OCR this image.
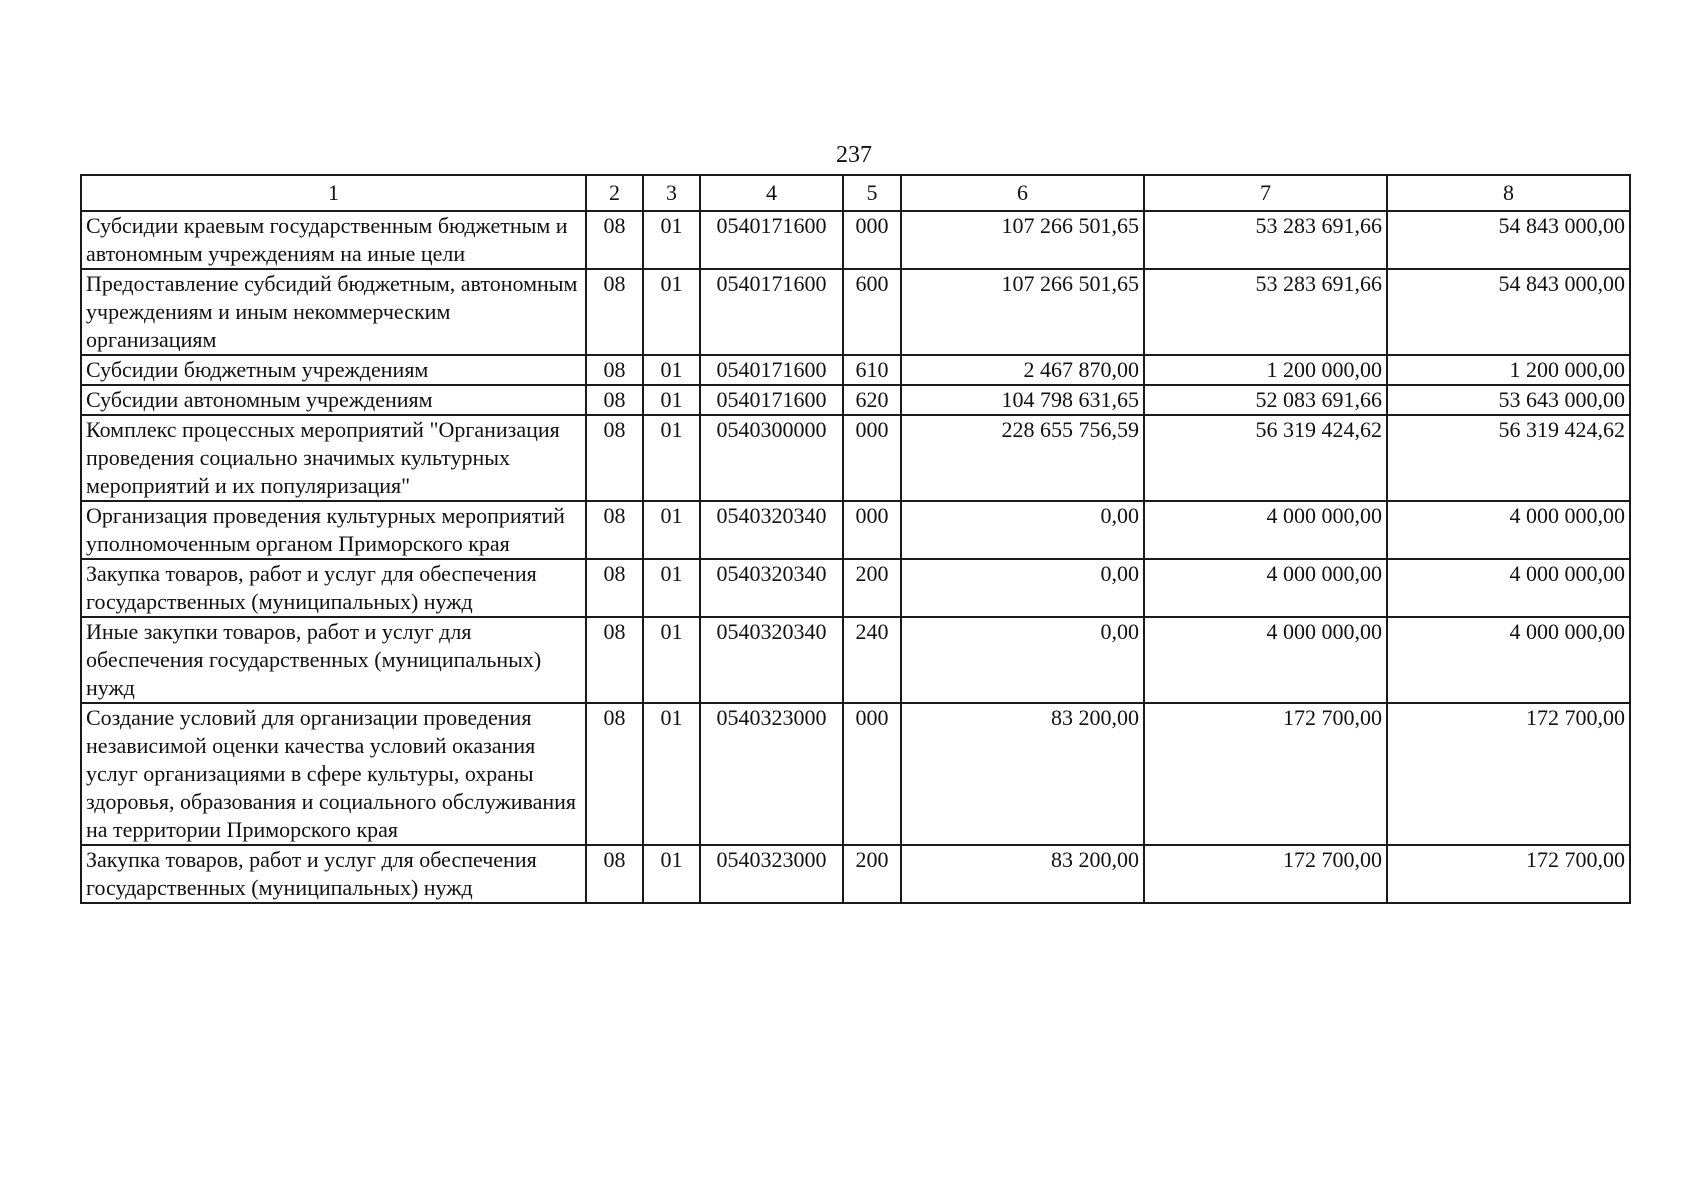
237
1	2	3	4	5	6	7	8
Субсидии краевым государственным бюджетным и автономным учреждениям на иные цели	08	01	0540171600	000	107 266 501,65	53 283 691,66	54 843 000,00
Предоставление субсидий бюджетным, автономным учреждениям и иным некоммерческим организациям	08	01	0540171600	600	107 266 501,65	53 283 691,66	54 843 000,00
Субсидии бюджетным учреждениям	08	01	0540171600	610	2 467 870,00	1 200 000,00	1 200 000,00
Субсидии автономным учреждениям	08	01	0540171600	620	104 798 631,65	52 083 691,66	53 643 000,00
Комплекс процессных мероприятий "Организация проведения социально значимых культурных мероприятий и их популяризация"	08	01	0540300000	000	228 655 756,59	56 319 424,62	56 319 424,62
Организация проведения культурных мероприятий уполномоченным органом Приморского края	08	01	0540320340	000	0,00	4 000 000,00	4 000 000,00
Закупка товаров, работ и услуг для обеспечения государственных (муниципальных) нужд	08	01	0540320340	200	0,00	4 000 000,00	4 000 000,00
Иные закупки товаров, работ и услуг для обеспечения государственных (муниципальных) нужд	08	01	0540320340	240	0,00	4 000 000,00	4 000 000,00
Создание условий для организации проведения независимой оценки качества условий оказания услуг организациями в сфере культуры, охраны здоровья, образования и социального обслуживания на территории Приморского края	08	01	0540323000	000	83 200,00	172 700,00	172 700,00
Закупка товаров, работ и услуг для обеспечения государственных (муниципальных) нужд	08	01	0540323000	200	83 200,00	172 700,00	172 700,00
